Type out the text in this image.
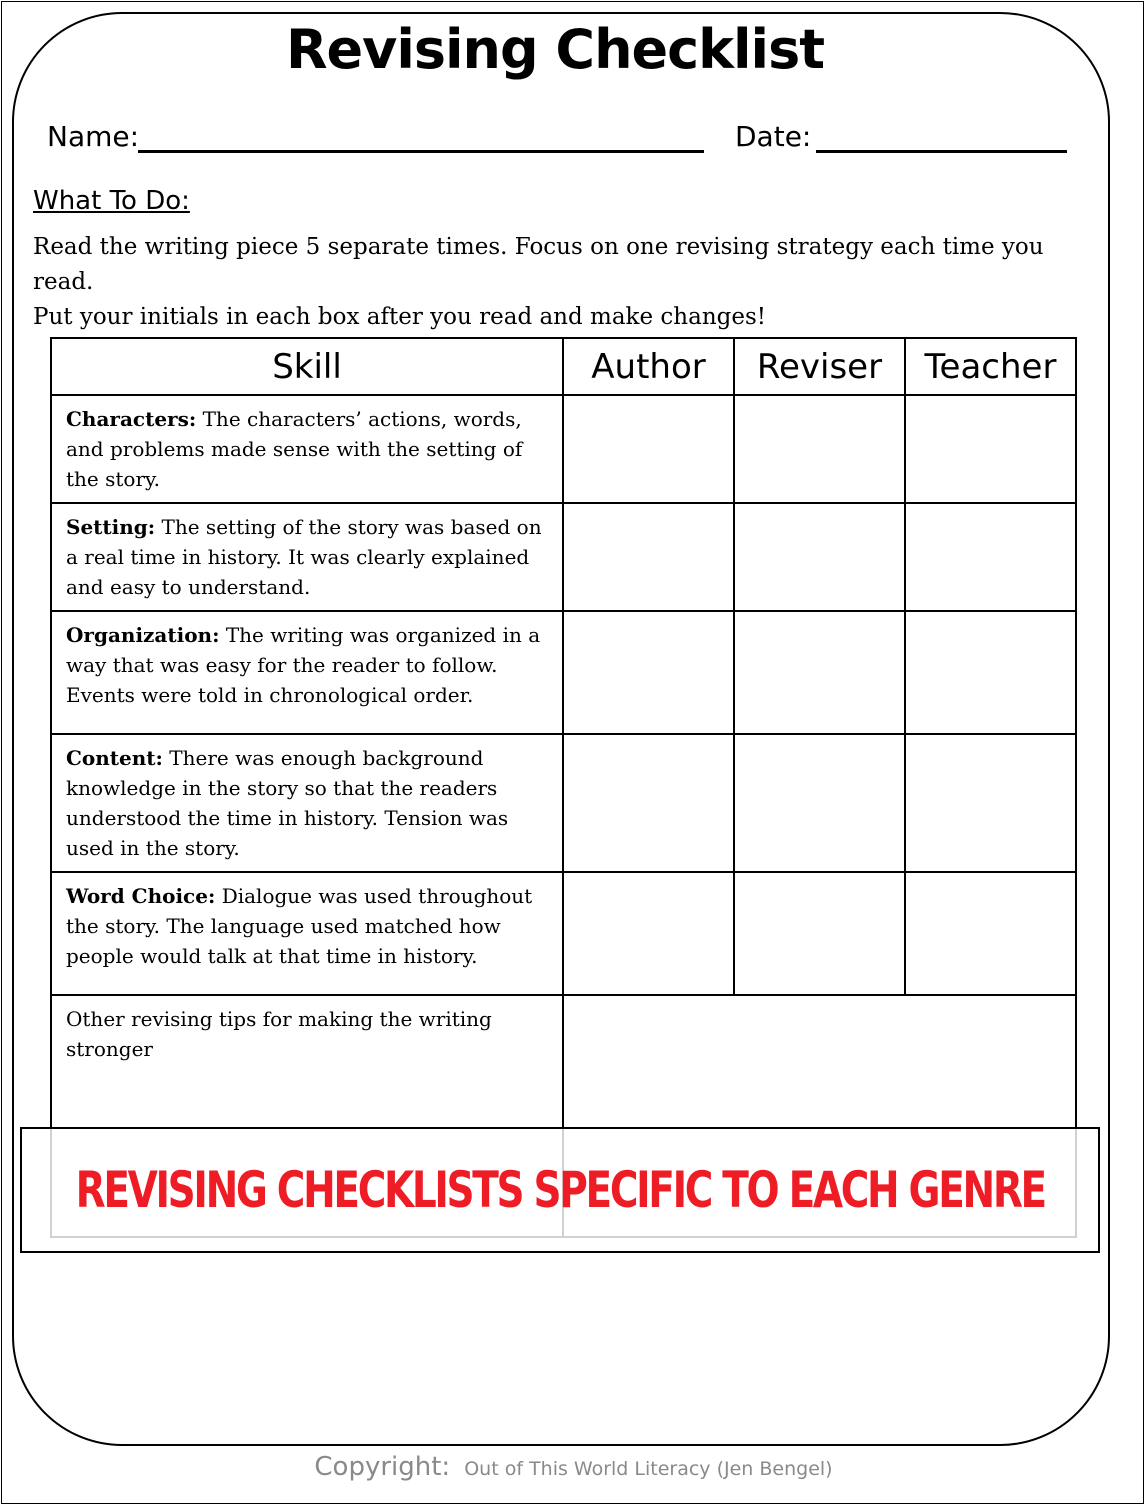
Revising Checklist
Name:	Date:
What To Do:
Read the writing piece 5 separate times. Focus on one revising strategy each time you read.
Put your initials in each box after you read and make changes!
Skill	Author	Reviser	Teacher
Characters: The characters’ actions, words, and problems made sense with the setting of the story.			
Setting: The setting of the story was based on a real time in history. It was clearly explained and easy to understand.			
Organization: The writing was organized in a way that was easy for the reader to follow. Events were told in chronological order.			
Content: There was enough background knowledge in the story so that the readers understood the time in history. Tension was used in the story.			
Word Choice: Dialogue was used throughout the story. The language used matched how people would talk at that time in history.			
Other revising tips for making the writing stronger			
REVISING CHECKLISTS SPECIFIC TO EACH GENRE
Copyright: Out of This World Literacy (Jen Bengel)
